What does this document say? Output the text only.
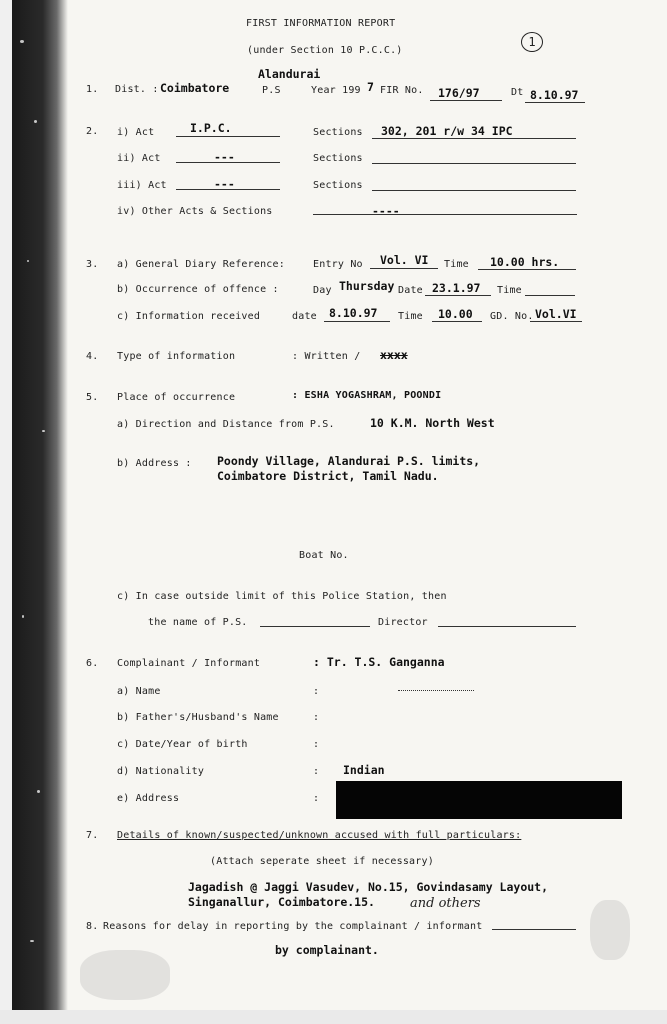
FIRST INFORMATION REPORT
(under Section 10 P.C.C.)
1
1. Dist. : Coimbatore
Alandurai
P.S	Year 199 7 FIR No. 176/97	Dt 8.10.97
2. i) Act	I.P.C.	Sections 302, 201 r/w 34 IPC
ii) Act	---	Sections
iii) Act	---	Sections
iv) Other Acts & Sections	----
3. a) General Diary Reference:	Entry No Vol. VI Time 10.00 hrs.
b) Occurrence of offence :	Day Thursday Date 23.1.97 Time
c) Information received	date 8.10.97 Time 10.00 GD. No. Vol.VI
4. Type of information	: Written / xxxx
5. Place of occurrence	: ESHA YOGASHRAM, POONDI
a) Direction and Distance from P.S.	10 K.M. North West
b) Address : Poondy Village, Alandurai P.S. limits,
Coimbatore District, Tamil Nadu.
Boat No.
c) In case outside limit of this Police Station, then
the name of P.S.	Director
6. Complainant / Informant	: Tr. T.S. Ganganna
a) Name	:
b) Father's/Husband's Name	:
c) Date/Year of birth	:
d) Nationality	: Indian
e) Address	:
7. Details of known/suspected/unknown accused with full particulars:
(Attach seperate sheet if necessary)
Jagadish @ Jaggi Vasudev, No.15, Govindasamy Layout,
Singanallur, Coimbatore.15.	and others
8. Reasons for delay in reporting by the complainant / informant
by complainant.
